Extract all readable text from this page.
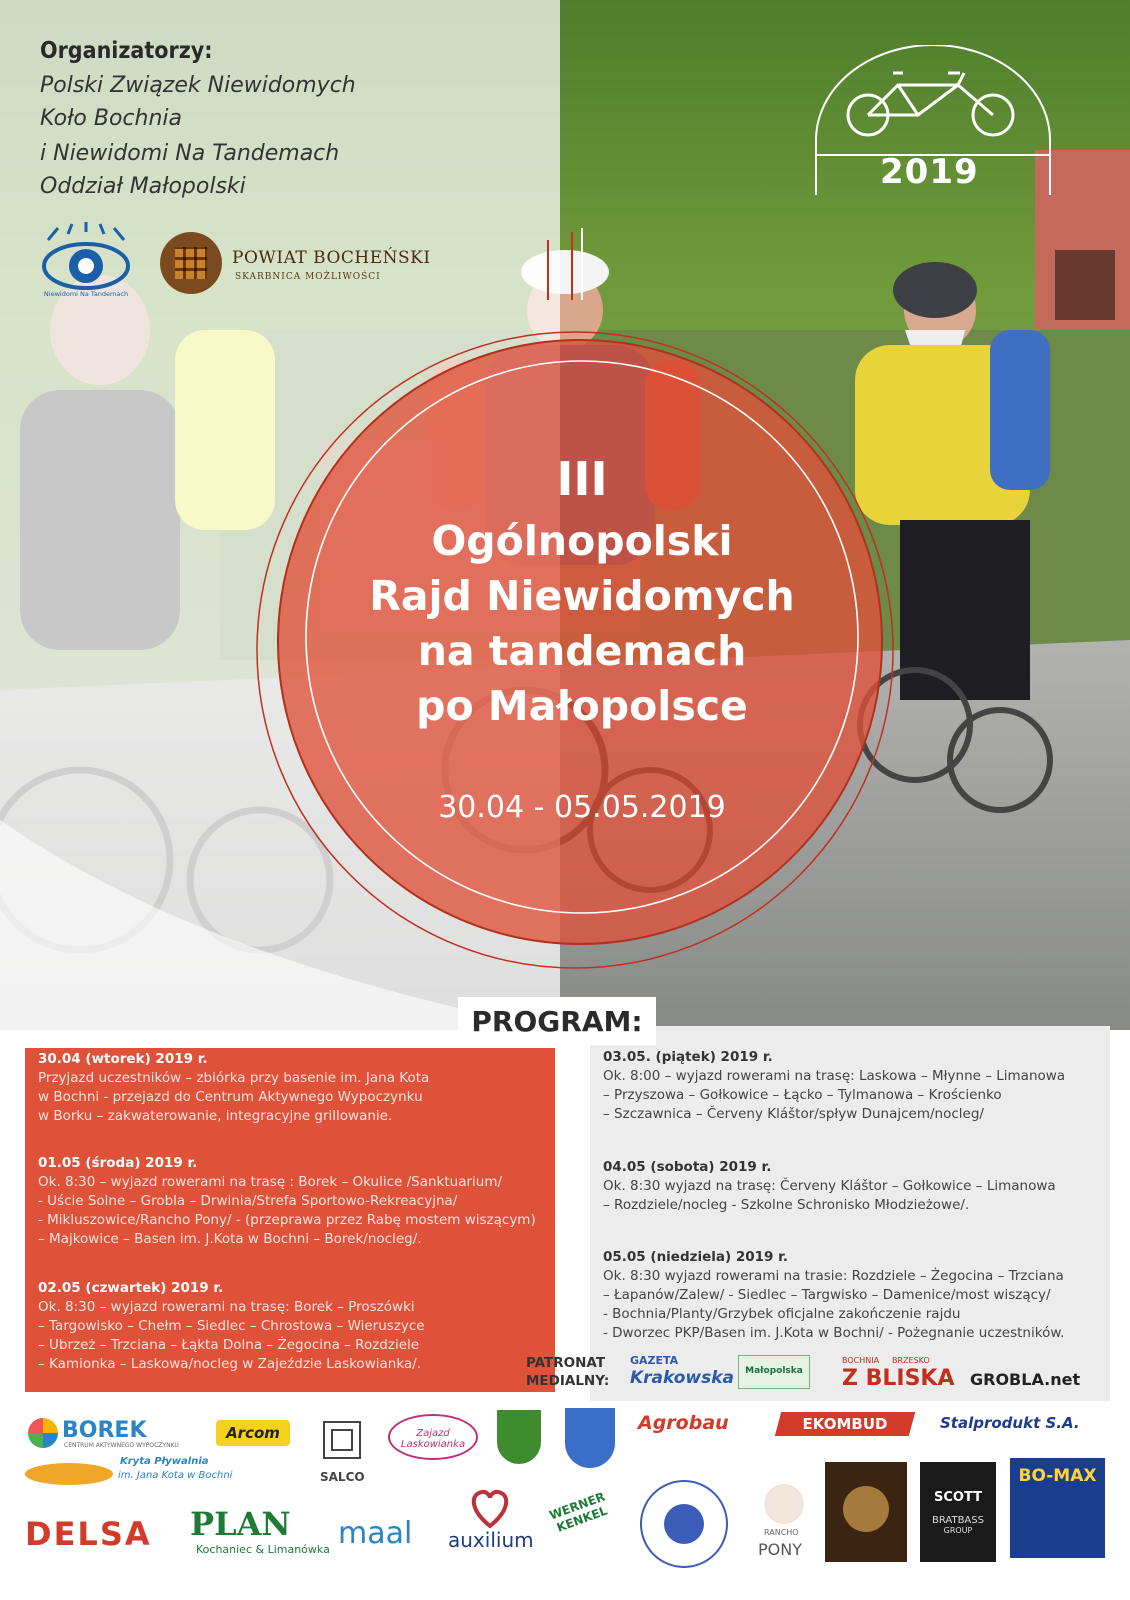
Organizatorzy:
Polski Związek Niewidomych
Koło Bochnia
i Niewidomi Na Tandemach
Oddział Małopolski
Niewidomi Na Tandemach
POWIAT BOCHEŃSKI
SKARBNICA MOŻLIWOŚCI
2019
III
Ogólnopolski
Rajd Niewidomych
na tandemach
po Małopolsce
30.04 - 05.05.2019
PROGRAM:
30.04 (wtorek) 2019 r.
Przyjazd uczestników – zbiórka przy basenie im. Jana Kota
w Bochni - przejazd do Centrum Aktywnego Wypoczynku
w Borku – zakwaterowanie, integracyjne grillowanie.
01.05 (środa) 2019 r.
Ok. 8:30 – wyjazd rowerami na trasę : Borek – Okulice /Sanktuarium/
- Uście Solne – Grobla – Drwinia/Strefa Sportowo-Rekreacyjna/
- Mikluszowice/Rancho Pony/ - (przeprawa przez Rabę mostem wiszącym)
– Majkowice – Basen im. J.Kota w Bochni – Borek/nocleg/.
02.05 (czwartek) 2019 r.
Ok. 8:30 – wyjazd rowerami na trasę: Borek – Proszówki
– Targowisko – Chełm – Siedlec – Chrostowa – Wieruszyce
– Ubrzeż – Trzciana – Łąkta Dolna – Żegocina – Rozdziele
– Kamionka – Laskowa/nocleg w Zajeździe Laskowianka/.
03.05. (piątek) 2019 r.
Ok. 8:00 – wyjazd rowerami na trasę: Laskowa – Młynne – Limanowa
– Przyszowa – Gołkowice – Łącko – Tylmanowa – Krościenko
– Szczawnica – Červeny Kláštor/spływ Dunajcem/nocleg/
04.05 (sobota) 2019 r.
Ok. 8:30 wyjazd na trasę: Červeny Kláštor – Gołkowice – Limanowa
– Rozdziele/nocleg - Szkolne Schronisko Młodzieżowe/.
05.05 (niedziela) 2019 r.
Ok. 8:30 wyjazd rowerami na trasie: Rozdziele – Żegocina – Trzciana
– Łapanów/Zalew/ - Siedlec – Targwisko – Damenice/most wiszący/
- Bochnia/Planty/Grzybek oficjalne zakończenie rajdu
- Dworzec PKP/Basen im. J.Kota w Bochni/ - Pożegnanie uczestników.
PATRONAT
MEDIALNY:
GAZETA
Krakowska	Małopolska
BOCHNIA BRZESKO
Z BLISKA GROBLA.net
BOREK
CENTRUM AKTYWNEGO WYPOCZYNKU
Arcom	Zajazd Laskowianka
Agrobau	EKOMBUD	Stalprodukt S.A.
BO-MAX
Kryta Pływalnia
im. Jana Kota w Bochni
DELSA PLAN
Kochaniec & Limanówka
SALCO
maal auxilium
WERNER KENKEL	RANCHO
PONY
SCOTT
BRATBASS
GROUP
